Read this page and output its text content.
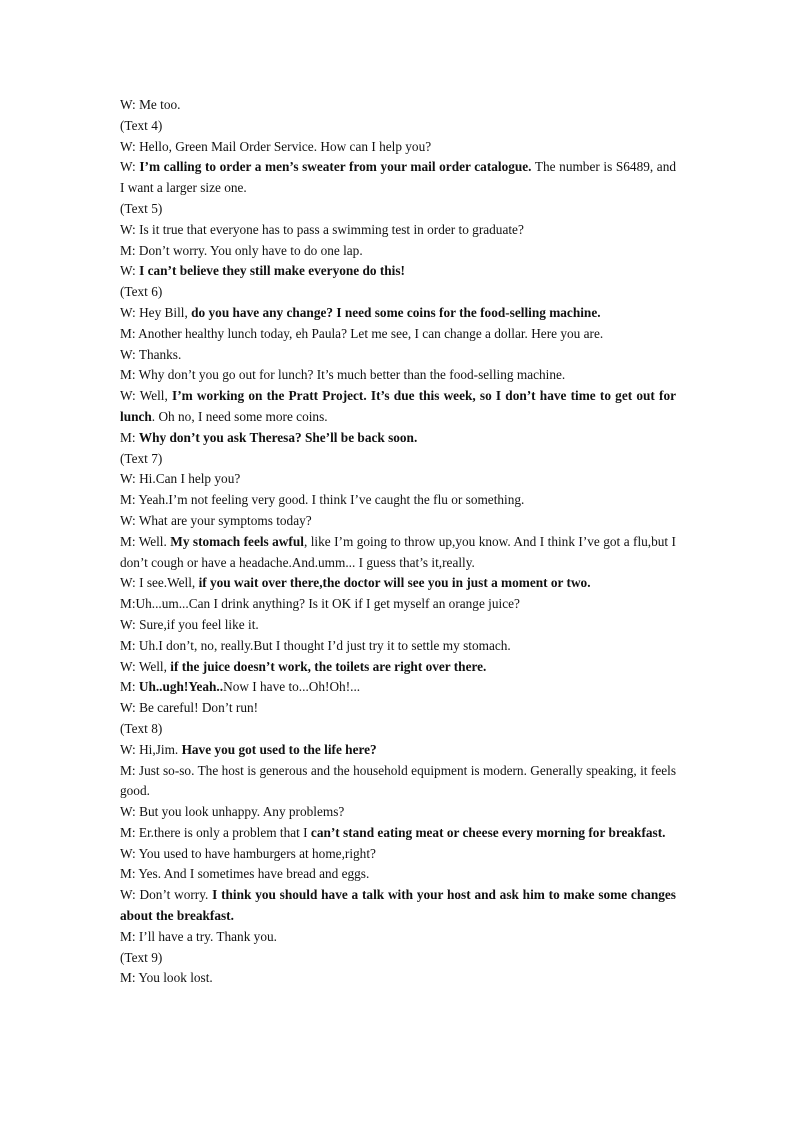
W: Me too.
(Text 4)
W: Hello, Green Mail Order Service. How can I help you?
W: I’m calling to order a men’s sweater from your mail order catalogue. The number is S6489, and I want a larger size one.
(Text 5)
W: Is it true that everyone has to pass a swimming test in order to graduate?
M: Don’t worry. You only have to do one lap.
W: I can’t believe they still make everyone do this!
(Text 6)
W: Hey Bill, do you have any change? I need some coins for the food-selling machine.
M: Another healthy lunch today, eh Paula? Let me see, I can change a dollar. Here you are.
W: Thanks.
M: Why don’t you go out for lunch? It’s much better than the food-selling machine.
W: Well, I’m working on the Pratt Project. It’s due this week, so I don’t have time to get out for lunch. Oh no, I need some more coins.
M: Why don’t you ask Theresa? She’ll be back soon.
(Text 7)
W: Hi.Can I help you?
M: Yeah.I’m not feeling very good. I think I’ve caught the flu or something.
W: What are your symptoms today?
M: Well. My stomach feels awful, like I’m going to throw up,you know. And I think I’ve got a flu,but I don’t cough or have a headache.And.umm... I guess that’s it,really.
W: I see.Well, if you wait over there,the doctor will see you in just a moment or two.
M:Uh...um...Can I drink anything? Is it OK if I get myself an orange juice?
W: Sure,if you feel like it.
M: Uh.I don’t, no, really.But I thought I’d just try it to settle my stomach.
W: Well, if the juice doesn’t work, the toilets are right over there.
M: Uh..ugh!Yeah..Now I have to...Oh!Oh!...
W: Be careful! Don’t run!
(Text 8)
W: Hi,Jim. Have you got used to the life here?
M: Just so-so. The host is generous and the household equipment is modern. Generally speaking, it feels good.
W: But you look unhappy. Any problems?
M: Er.there is only a problem that I can’t stand eating meat or cheese every morning for breakfast.
W: You used to have hamburgers at home,right?
M: Yes. And I sometimes have bread and eggs.
W: Don’t worry. I think you should have a talk with your host and ask him to make some changes about the breakfast.
M: I’ll have a try. Thank you.
(Text 9)
M: You look lost.
